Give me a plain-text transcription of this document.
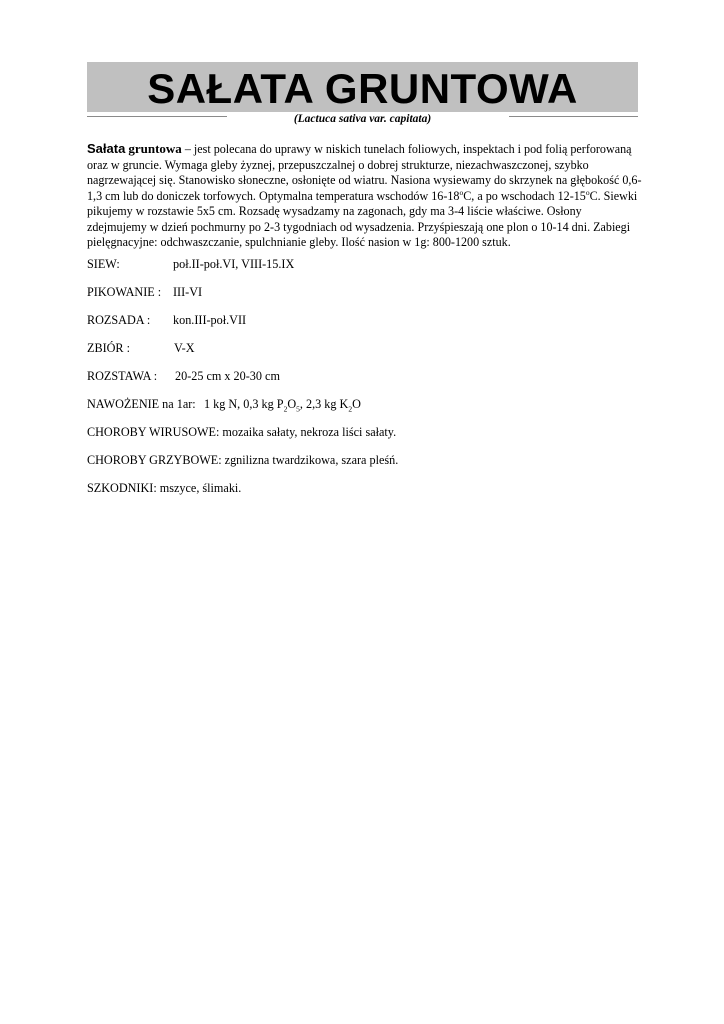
SAŁATA GRUNTOWA
(Lactuca sativa var. capitata)
Sałata gruntowa – jest polecana do uprawy w niskich tunelach foliowych, inspektach i pod folią perforowaną oraz w gruncie. Wymaga gleby żyznej, przepuszczalnej o dobrej strukturze, niezachwaszczonej, szybko nagrzewającej się. Stanowisko słoneczne, osłonięte od wiatru. Nasiona wysiewamy do skrzynek na głębokość 0,6-1,3 cm lub do doniczek torfowych. Optymalna temperatura wschodów 16-18$^o$C, a po wschodach 12-15$^o$C. Siewki pikujemy w rozstawie 5x5 cm. Rozsadę wysadzamy na zagonach, gdy ma 3-4 liście właściwe. Osłony zdejmujemy w dzień pochmurny po 2-3 tygodniach od wysadzenia. Przyśpieszają one plon o 10-14 dni. Zabiegi pielęgnacyjne: odchwaszczanie, spulchnianie gleby. Ilość nasion w 1g: 800-1200 sztuk.
SIEW:	poł.II-poł.VI, VIII-15.IX
PIKOWANIE : III-VI
ROZSADA : kon.III-poł.VII
ZBIÓR :	V-X
ROZSTAWA : 20-25 cm x 20-30 cm
NAWOŻENIE na 1ar: 1 kg N, 0,3 kg $P_2O_5$, 2,3 kg $K_2O$
CHOROBY WIRUSOWE: mozaika sałaty, nekroza liści sałaty.
CHOROBY GRZYBOWE: zgnilizna twardzikowa, szara pleśń.
SZKODNIKI: mszyce, ślimaki.
